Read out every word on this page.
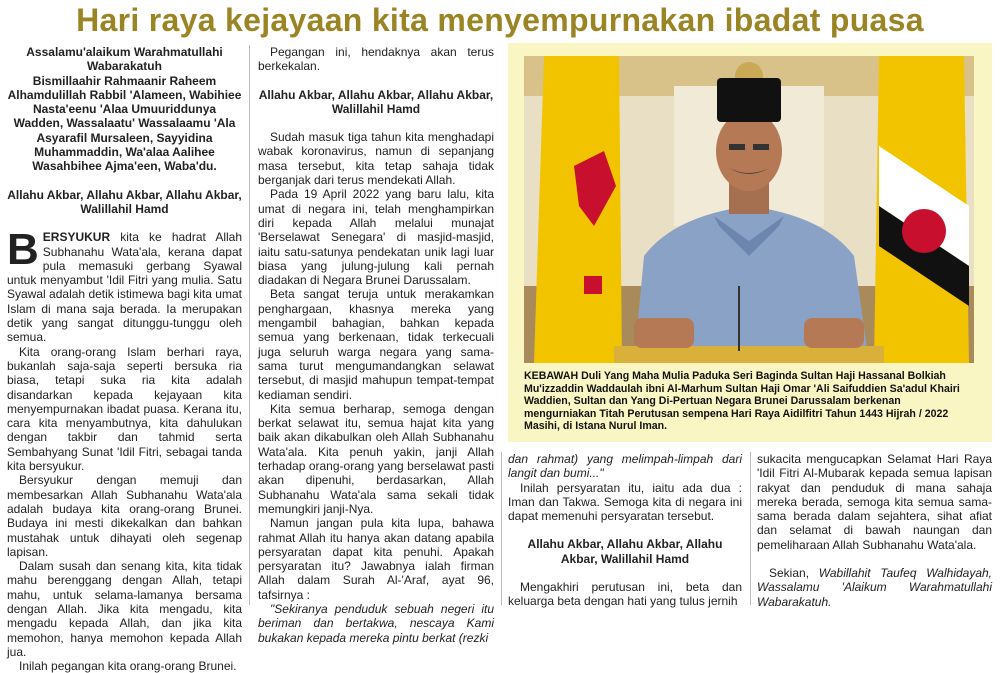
Hari raya kejayaan kita menyempurnakan ibadat puasa

Assalamu'alaikum Warahmatullahi Wabarakatuh

Bismillaahir Rahmaanir Raheem Alhamdulillah Rabbil 'Alameen, Wabihiee Nasta'eenu 'Alaa Umuuriddunya Wadden, Wassalaatu' Wassalaamu 'Ala Asyarafil Mursaleen, Sayyidina Muhammaddin, Wa'alaa Aalihee Wasahbihee Ajma'een, Waba'du.

Allahu Akbar, Allahu Akbar, Allahu Akbar, Walillahil Hamd

BERSYUKUR kita ke hadrat Allah Subhanahu Wata'ala, kerana dapat pula memasuki gerbang Syawal untuk menyambut 'Idil Fitri yang mulia. Satu Syawal adalah detik istimewa bagi kita umat Islam di mana saja berada. Ia merupakan detik yang sangat ditunggu-tunggu oleh semua.

Kita orang-orang Islam berhari raya, bukanlah saja-saja seperti bersuka ria biasa, tetapi suka ria kita adalah disandarkan kepada kejayaan kita menyempurnakan ibadat puasa. Kerana itu, cara kita menyambutnya, kita dahulukan dengan takbir dan tahmid serta Sembahyang Sunat 'Idil Fitri, sebagai tanda kita bersyukur.

Bersyukur dengan memuji dan membesarkan Allah Subhanahu Wata'ala adalah budaya kita orang-orang Brunei. Budaya ini mesti dikekalkan dan bahkan mustahak untuk dihayati oleh segenap lapisan.

Dalam susah dan senang kita, kita tidak mahu berenggang dengan Allah, tetapi mahu, untuk selama-lamanya bersama dengan Allah. Jika kita mengadu, kita mengadu kepada Allah, dan jika kita memohon, hanya memohon kepada Allah jua.

Inilah pegangan kita orang-orang Brunei.

Pegangan ini, hendaknya akan terus berkekalan.

Allahu Akbar, Allahu Akbar, Allahu Akbar, Walillahil Hamd

Sudah masuk tiga tahun kita menghadapi wabak koronavirus, namun di sepanjang masa tersebut, kita tetap sahaja tidak berganjak dari terus mendekati Allah.

Pada 19 April 2022 yang baru lalu, kita umat di negara ini, telah menghampirkan diri kepada Allah melalui munajat 'Berselawat Senegara' di masjid-masjid, iaitu satu-satunya pendekatan unik lagi luar biasa yang julung-julung kali pernah diadakan di Negara Brunei Darussalam.

Beta sangat teruja untuk merakamkan penghargaan, khasnya mereka yang mengambil bahagian, bahkan kepada semua yang berkenaan, tidak terkecuali juga seluruh warga negara yang sama-sama turut mengumandangkan selawat tersebut, di masjid mahupun tempat-tempat kediaman sendiri.

Kita semua berharap, semoga dengan berkat selawat itu, semua hajat kita yang baik akan dikabulkan oleh Allah Subhanahu Wata'ala. Kita penuh yakin, janji Allah terhadap orang-orang yang berselawat pasti akan dipenuhi, berdasarkan, Allah Subhanahu Wata'ala sama sekali tidak memungkiri janji-Nya.

Namun jangan pula kita lupa, bahawa rahmat Allah itu hanya akan datang apabila persyaratan dapat kita penuhi. Apakah persyaratan itu? Jawabnya ialah firman Allah dalam Surah Al-'Araf, ayat 96, tafsirnya :

"Sekiranya penduduk sebuah negeri itu beriman dan bertakwa, nescaya Kami bukakan kepada mereka pintu berkat (rezki

KEBAWAH Duli Yang Maha Mulia Paduka Seri Baginda Sultan Haji Hassanal Bolkiah Mu'izzaddin Waddaulah ibni Al-Marhum Sultan Haji Omar 'Ali Saifuddien Sa'adul Khairi Waddien, Sultan dan Yang Di-Pertuan Negara Brunei Darussalam berkenan mengurniakan Titah Perutusan sempena Hari Raya Aidilfitri Tahun 1443 Hijrah / 2022 Masihi, di Istana Nurul Iman.

dan rahmat) yang melimpah-limpah dari langit dan bumi..."

Inilah persyaratan itu, iaitu ada dua : Iman dan Takwa. Semoga kita di negara ini dapat memenuhi persyaratan tersebut.

Allahu Akbar, Allahu Akbar, Allahu Akbar, Walillahil Hamd

Mengakhiri perutusan ini, beta dan keluarga beta dengan hati yang tulus jernih

sukacita mengucapkan Selamat Hari Raya 'Idil Fitri Al-Mubarak kepada semua lapisan rakyat dan penduduk di mana sahaja mereka berada, semoga kita semua sama-sama berada dalam sejahtera, sihat afiat dan selamat di bawah naungan dan pemeliharaan Allah Subhanahu Wata'ala.

Sekian, Wabillahit Taufeq Walhidayah, Wassalamu 'Alaikum Warahmatullahi Wabarakatuh.
